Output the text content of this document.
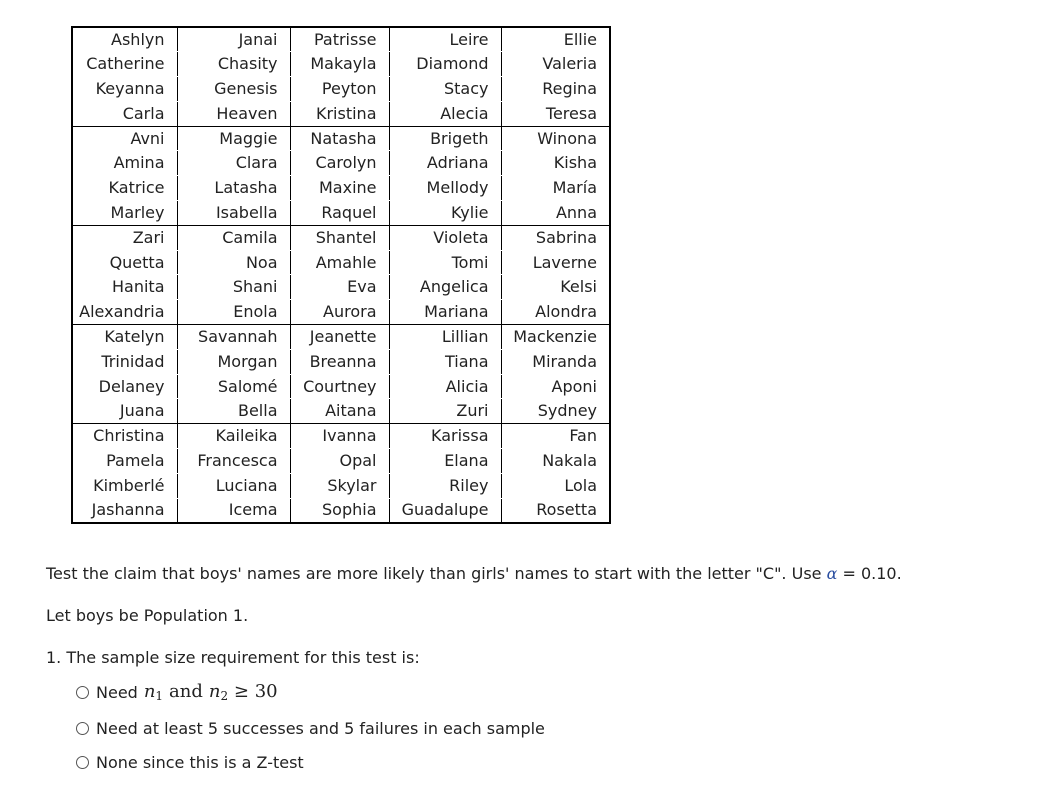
Ashlyn	Janai	Patrisse	Leire	Ellie
Catherine	Chasity	Makayla	Diamond	Valeria
Keyanna	Genesis	Peyton	Stacy	Regina
Carla	Heaven	Kristina	Alecia	Teresa
Avni	Maggie	Natasha	Brigeth	Winona
Amina	Clara	Carolyn	Adriana	Kisha
Katrice	Latasha	Maxine	Mellody	María
Marley	Isabella	Raquel	Kylie	Anna
Zari	Camila	Shantel	Violeta	Sabrina
Quetta	Noa	Amahle	Tomi	Laverne
Hanita	Shani	Eva	Angelica	Kelsi
Alexandria	Enola	Aurora	Mariana	Alondra
Katelyn	Savannah	Jeanette	Lillian	Mackenzie
Trinidad	Morgan	Breanna	Tiana	Miranda
Delaney	Salomé	Courtney	Alicia	Aponi
Juana	Bella	Aitana	Zuri	Sydney
Christina	Kaileika	Ivanna	Karissa	Fan
Pamela	Francesca	Opal	Elana	Nakala
Kimberlé	Luciana	Skylar	Riley	Lola
Jashanna	Icema	Sophia	Guadalupe	Rosetta
Test the claim that boys' names are more likely than girls' names to start with the letter "C". Use α = 0.10.
Let boys be Population 1.
1. The sample size requirement for this test is:
Need $n_1$ and $n_2 \ge 30$
Need at least 5 successes and 5 failures in each sample
None since this is a Z-test
